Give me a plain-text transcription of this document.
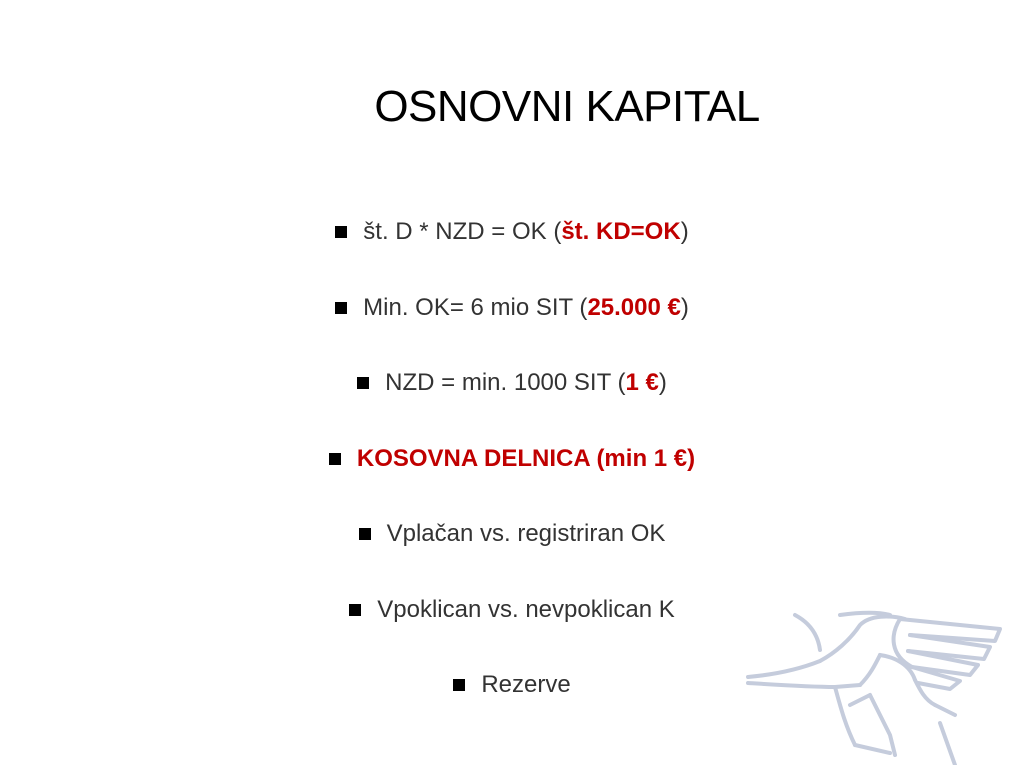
OSNOVNI KAPITAL
št. D * NZD = OK (št. KD=OK)
Min. OK= 6 mio SIT (25.000 €)
NZD = min. 1000 SIT (1 €)
KOSOVNA DELNICA (min 1 €)
Vplačan vs. registriran OK
Vpoklican vs. nevpoklican K
Rezerve
